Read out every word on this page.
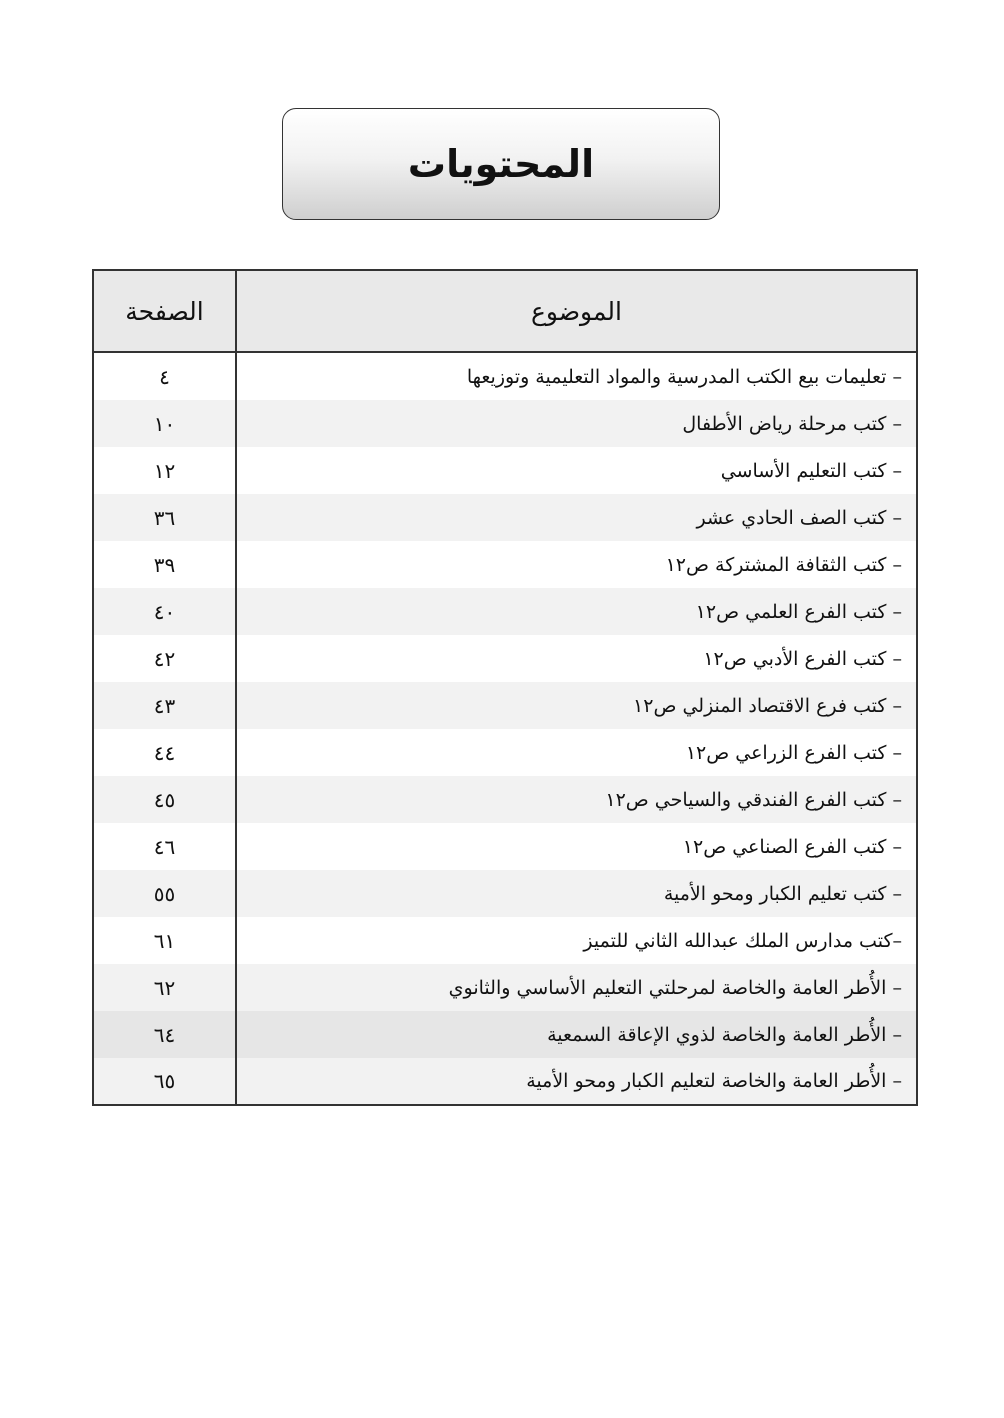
المحتويات
الموضوع	الصفحة
– تعليمات بيع الكتب المدرسية والمواد التعليمية وتوزيعها	٤
– كتب مرحلة رياض الأطفال	١٠
– كتب التعليم الأساسي	١٢
– كتب الصف الحادي عشر	٣٦
– كتب الثقافة المشتركة ص١٢	٣٩
– كتب الفرع العلمي ص١٢	٤٠
– كتب الفرع الأدبي ص١٢	٤٢
– كتب فرع الاقتصاد المنزلي ص١٢	٤٣
– كتب الفرع الزراعي ص١٢	٤٤
– كتب الفرع الفندقي والسياحي ص١٢	٤٥
– كتب الفرع الصناعي ص١٢	٤٦
– كتب تعليم الكبار ومحو الأمية	٥٥
–كتب مدارس الملك عبدالله الثاني للتميز	٦١
– الأُطر العامة والخاصة لمرحلتي التعليم الأساسي والثانوي	٦٢
– الأُطر العامة والخاصة لذوي الإعاقة السمعية	٦٤
– الأُطر العامة والخاصة لتعليم الكبار ومحو الأمية	٦٥
